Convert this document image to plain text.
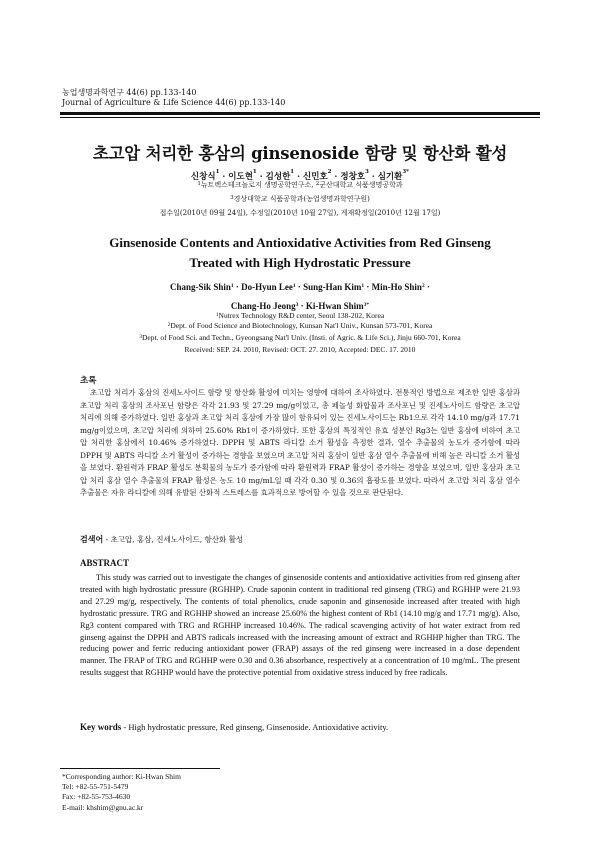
농업생명과학연구 44(6) pp.133-140
Journal of Agriculture & Life Science 44(6) pp.133-140
초고압 처리한 홍삼의 ginsenoside 함량 및 항산화 활성
신창식$^1$ · 이도현$^1$ · 김성한$^1$ · 신민호$^2$ · 정창호$^3$ · 심기환$^{3*}$
$^1$뉴트렉스테크놀로지 생명공학연구소, $^2$군산대학교 식품생명공학과
$^3$경상대학교 식품공학과(농업생명과학연구원)
접수일(2010년 09월 24일), 수정일(2010년 10월 27일), 게재확정일(2010년 12월 17일)
Ginsenoside Contents and Antioxidative Activities from Red Ginseng
Treated with High Hydrostatic Pressure
Chang-Sik Shin$^1$ · Do-Hyun Lee$^1$ · Sung-Han Kim$^1$ · Min-Ho Shin$^2$ ·
Chang-Ho Jeong$^3$ · Ki-Hwan Shim$^{3*}$
$^1$Nutrex Technology R&D center, Seoul 138-202, Korea
$^2$Dept. of Food Science and Biotechnology, Kunsan Nat'l Univ., Kunsan 573-701, Korea
$^3$Dept. of Food Sci. and Techn., Gyeongsang Nat'l Univ. (Insti. of Agric. & Life Sci.), Jinju 660-701, Korea
Received: SEP. 24. 2010, Revised: OCT. 27. 2010, Accepted: DEC. 17. 2010
초록
초고압 처리가 홍삼의 진세노사이드 함량 및 항산화 활성에 미치는 영향에 대하여 조사하였다. 전통적인 방법으로 제조한 일반 홍삼과 초고압 처리 홍삼의 조사포닌 함량은 각각 21.93 및 27.29 mg/g이었고, 총 페놀성 화합물과 조사포닌 및 진세노사이드 함량은 초고압 처리에 의해 증가하였다. 일반 홍삼과 초고압 처리 홍삼에 가장 많이 함유되어 있는 진세노사이드는 Rb1으로 각각 14.10 mg/g과 17.71 mg/g이었으며, 초고압 처리에 의하여 25.60% Rb1이 증가하였다. 또한 홍삼의 특징적인 유효 성분인 Rg3는 일반 홍삼에 비하여 초고압 처리한 홍삼에서 10.46% 증가하였다. DPPH 및 ABTS 라디칼 소거 활성을 측정한 결과, 열수 추출물의 농도가 증가함에 따라 DPPH 및 ABTS 라디칼 소거 활성이 증가하는 경향을 보였으며 초고압 처리 홍삼이 일반 홍삼 열수 추출물에 비해 높은 라디칼 소거 활성을 보였다. 환원력과 FRAP 활성도 분획물의 농도가 증가함에 따라 환원력과 FRAP 활성이 증가하는 경향을 보였으며, 일반 홍삼과 초고압 처리 홍삼 열수 추출물의 FRAP 활성은 농도 10 mg/mL일 때 각각 0.30 및 0.36의 흡광도를 보였다. 따라서 초고압 처리 홍삼 열수 추출물은 자유 라디칼에 의해 유발된 산화적 스트레스를 효과적으로 방어할 수 있을 것으로 판단된다.
검색어 - 초고압, 홍삼, 진세노사이드, 항산화 활성
ABSTRACT
This study was carried out to investigate the changes of ginsenoside contents and antioxidative activities from red ginseng after treated with high hydrostatic pressure (RGHHP). Crude saponin content in traditional red ginseng (TRG) and RGHHP were 21.93 and 27.29 mg/g, respectively. The contents of total phenolics, crude saponin and ginsenoside increased after treated with high hydrostatic pressure. TRG and RGHHP showed an increase 25.60% the highest content of Rb1 (14.10 mg/g and 17.71 mg/g). Also, Rg3 content compared with TRG and RGHHP increased 10.46%. The radical scavenging activity of hot water extract from red ginseng against the DPPH and ABTS radicals increased with the increasing amount of extract and RGHHP higher than TRG. The reducing power and ferric reducing antioxidant power (FRAP) assays of the red ginseng were increased in a dose dependent manner. The FRAP of TRG and RGHHP were 0.30 and 0.36 absorbance, respectively at a concentration of 10 mg/mL. The present results suggest that RGHHP would have the protective potential from oxidative stress induced by free radicals.
Key words - High hydrostatic pressure, Red ginseng, Ginsenoside. Antioxidative activity.
*Corresponding author: Ki-Hwan Shim
Tel: +82-55-751-5479
Fax: +82-55-753-4630
E-mail: khshim@gnu.ac.kr
